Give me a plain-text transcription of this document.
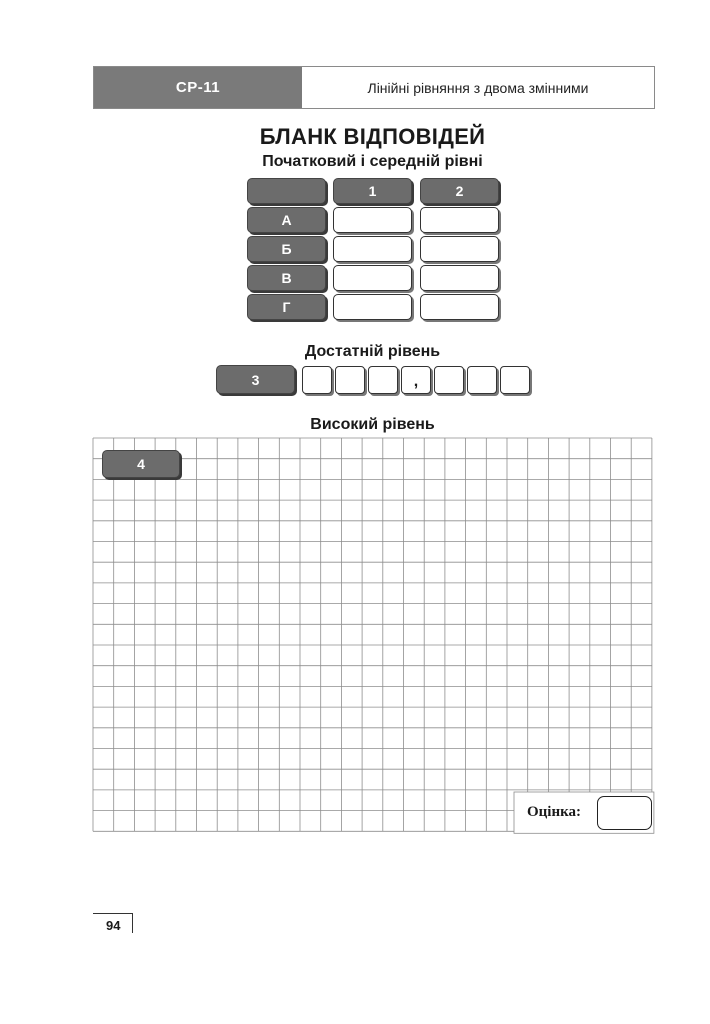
СР-11	Лінійні рівняння з двома змінними
БЛАНК ВІДПОВІДЕЙ
Початковий і середній рівні
1	2
А
Б
В
Г
Достатній рівень
3	,
Високий рівень
4
Оцінка:
94
